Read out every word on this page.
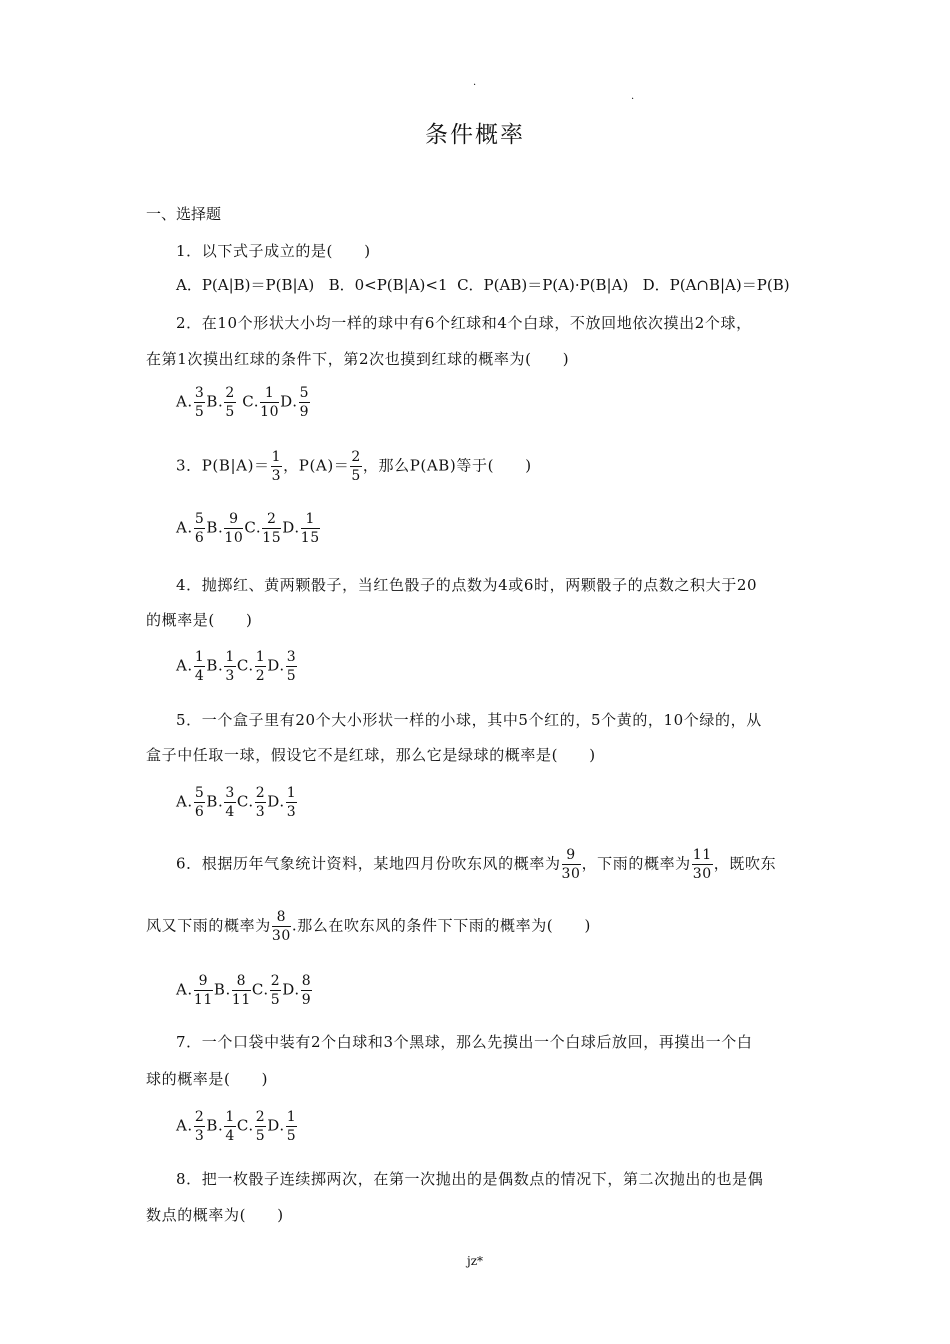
.
.
条件概率
一、选择题
1．以下式子成立的是(　　)
A．P(A|B)＝P(B|A) B．0<P(B|A)<1 C．P(AB)＝P(A)·P(B|A) D．P(A∩B|A)＝P(B)
2．在10个形状大小均一样的球中有6个红球和4个白球，不放回地依次摸出2个球，
在第1次摸出红球的条件下，第2次也摸到红球的概率为(　　)
A. $\frac{3}{5} B$. $\frac{2}{5} C$. $\frac{1}{10} D$. $\frac{5}{9}$
3．$P(B|A)= \frac{1}{3}$ ，$P(A)= \frac{2}{5}$ ，那么P(AB)等于(　　)
A. $\frac{5}{6} B$. $\frac{9}{10} C$. $\frac{2}{15} D$. $\frac{1}{15}$
4．抛掷红、黄两颗骰子，当红色骰子的点数为4或6时，两颗骰子的点数之积大于20
的概率是(　　)
A. $\frac{1}{4} B$. $\frac{1}{3} C$. $\frac{1}{2} D$. $\frac{3}{5}$
5．一个盒子里有20个大小形状一样的小球，其中5个红的，5个黄的，10个绿的，从
盒子中任取一球，假设它不是红球，那么它是绿球的概率是(　　)
A. $\frac{5}{6} B$. $\frac{3}{4} C$. $\frac{2}{3} D$. $\frac{1}{3}$
6．根据历年气象统计资料，某地四月份吹东风的概率为 $\frac{9}{30}$ ，下雨的概率为 $\frac{11}{30}$ ，既吹东
风又下雨的概率为 $\frac{8}{30}$ .那么在吹东风的条件下下雨的概率为(　　)
A. $\frac{9}{11} B$. $\frac{8}{11} C$. $\frac{2}{5} D$. $\frac{8}{9}$
7．一个口袋中装有2个白球和3个黑球，那么先摸出一个白球后放回，再摸出一个白
球的概率是(　　)
A. $\frac{2}{3} B$. $\frac{1}{4} C$. $\frac{2}{5} D$. $\frac{1}{5}$
8．把一枚骰子连续掷两次，在第一次抛出的是偶数点的情况下，第二次抛出的也是偶
数点的概率为(　　)
jz*
